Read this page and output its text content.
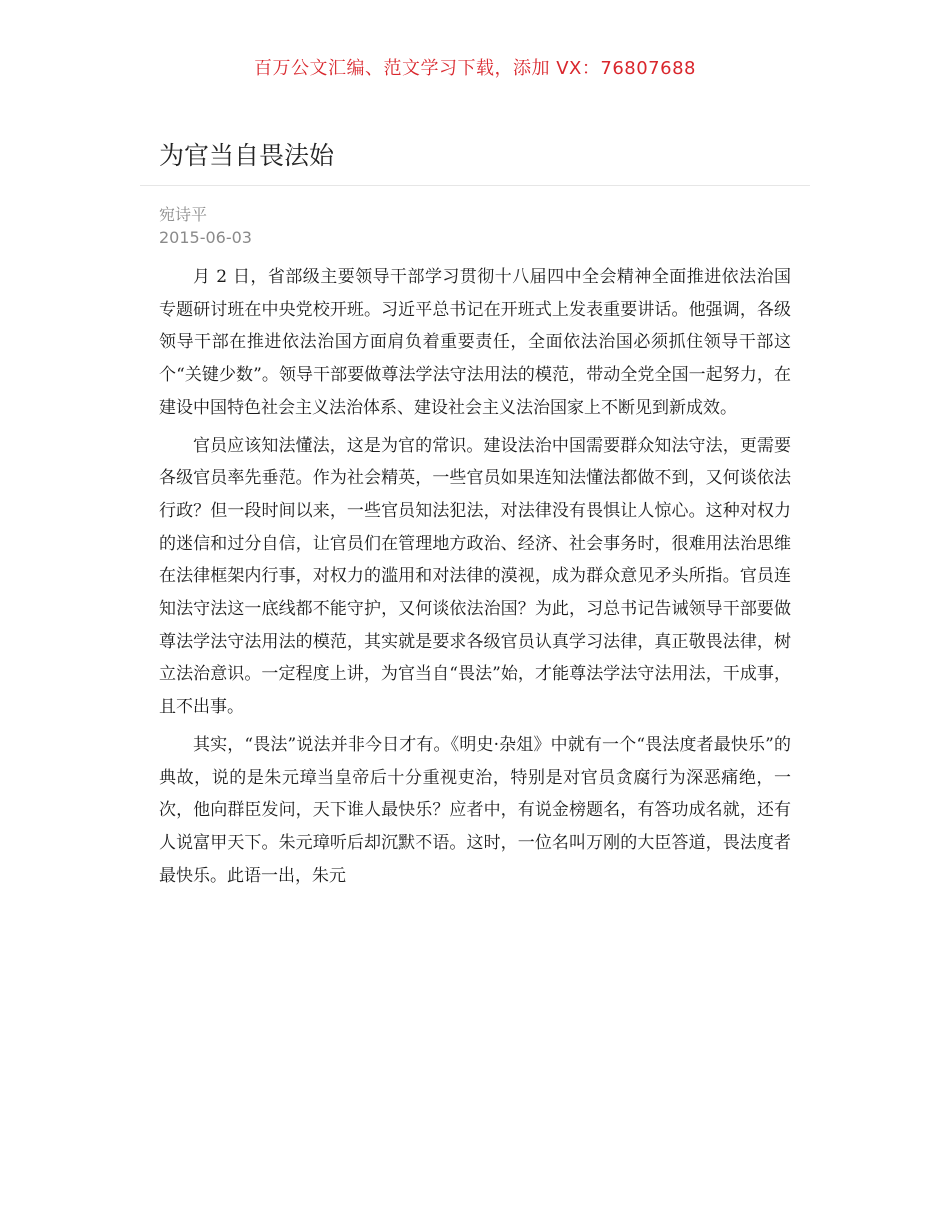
百万公文汇编、范文学习下载，添加 VX：76807688
为官当自畏法始
宛诗平
2015-06-03

月 2 日，省部级主要领导干部学习贯彻十八届四中全会精神全面推进依法治国专题研讨班在中央党校开班。习近平总书记在开班式上发表重要讲话。他强调，各级领导干部在推进依法治国方面肩负着重要责任，全面依法治国必须抓住领导干部这个“关键少数”。领导干部要做尊法学法守法用法的模范，带动全党全国一起努力，在建设中国特色社会主义法治体系、建设社会主义法治国家上不断见到新成效。

官员应该知法懂法，这是为官的常识。建设法治中国需要群众知法守法，更需要各级官员率先垂范。作为社会精英，一些官员如果连知法懂法都做不到，又何谈依法行政？但一段时间以来，一些官员知法犯法，对法律没有畏惧让人惊心。这种对权力的迷信和过分自信，让官员们在管理地方政治、经济、社会事务时，很难用法治思维在法律框架内行事，对权力的滥用和对法律的漠视，成为群众意见矛头所指。官员连知法守法这一底线都不能守护，又何谈依法治国？为此，习总书记告诫领导干部要做尊法学法守法用法的模范，其实就是要求各级官员认真学习法律，真正敬畏法律，树立法治意识。一定程度上讲，为官当自“畏法”始，才能尊法学法守法用法，干成事，且不出事。

其实，“畏法”说法并非今日才有。《明史·杂俎》中就有一个“畏法度者最快乐”的典故，说的是朱元璋当皇帝后十分重视吏治，特别是对官员贪腐行为深恶痛绝，一次，他向群臣发问，天下谁人最快乐？应者中，有说金榜题名，有答功成名就，还有人说富甲天下。朱元璋听后却沉默不语。这时，一位名叫万刚的大臣答道，畏法度者最快乐。此语一出，朱元
